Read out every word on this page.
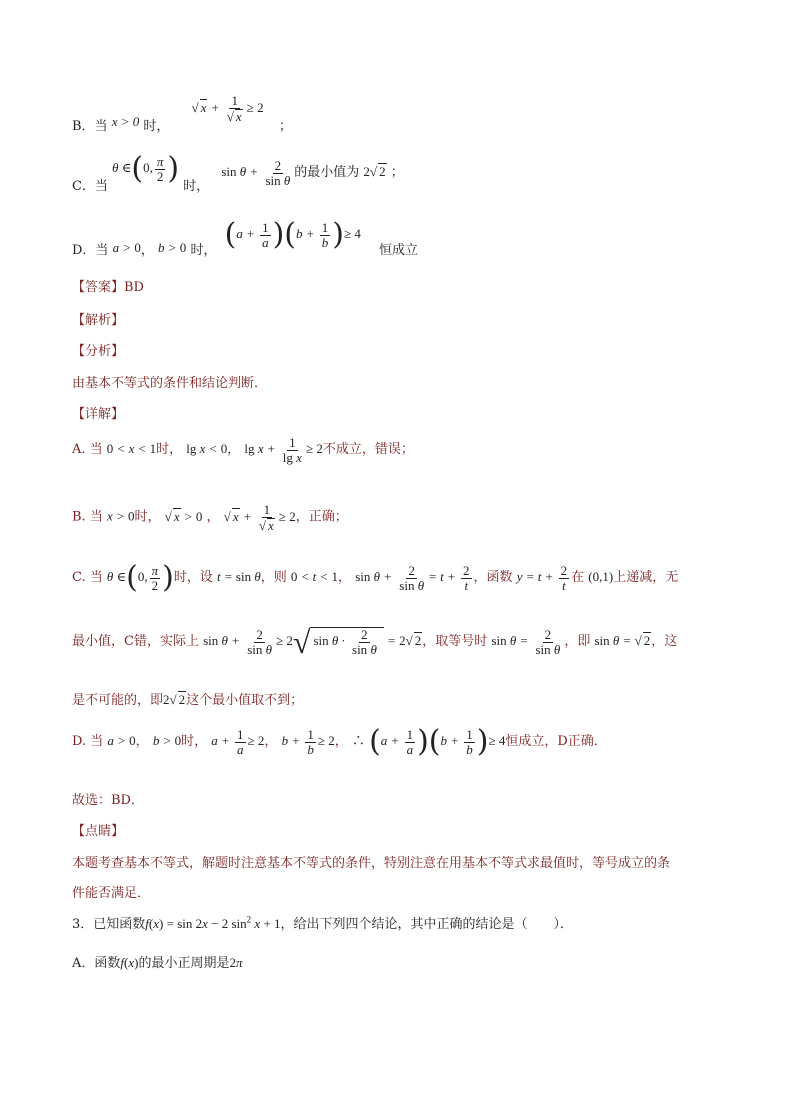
B．当 x > 0 时， √ $x + \frac{1}{√ x} \ge 2$ ；
C．当 θ ∈(0, $\frac{\pi}{2}$ ) 时， $\sin \theta + \frac{2}{\text{sin θ}}$ 的最小值为 2√ 2 ；
D．当 a > 0， b > 0 时， $(a + \frac{1}{a} )(b + \frac{1}{b}$ )≥ 4 恒成立
【答案】BD
【解析】
【分析】
由基本不等式的条件和结论判断．
【详解】
A. 当 0 < x < 1时， lg x < 0， $\lg x + \frac{1}{\text{lg x}} \ge 2$不成立，错误；
B. 当 x > 0时， √ x > 0 ， √ $x + \frac{1}{√ x} \ge 2$，正确；
C. 当 θ ∈(0, $\frac{\pi}{2}$ )时，设 t = sin θ，则 0 < t < 1， $\sin \theta + \frac{2}{\text{sin θ}} = t + \frac{2}{t}$ ，函数 $y = t + \frac{2}{t}$ 在 (0,1)上递减，无
最小值，C错，实际上 $\sin \theta + \frac{2}{\text{sin θ}} \ge 2√$ $\sin \theta \cdot \frac{2}{\text{sin θ}} = 2√$ 2，取等号时 $\sin \theta = \frac{2}{\text{sin θ}}$ ，即 sin θ = √ 2，这
是不可能的，即2√ 2这个最小值取不到；
D. 当 a > 0， b > 0时， $a + \frac{1}{a} \ge 2$， $b + \frac{1}{b} \ge 2$， ∴ $(a + \frac{1}{a} )(b + \frac{1}{b}$ )≥ 4恒成立，D正确．
故选：BD．
【点睛】
本题考查基本不等式，解题时注意基本不等式的条件，特别注意在用基本不等式求最值时，等号成立的条
件能否满足．
3．已知函数f(x) = sin 2x − 2 $\sin^2 x + 1$，给出下列四个结论，其中正确的结论是（　　）．
A．函数f(x)的最小正周期是2π
